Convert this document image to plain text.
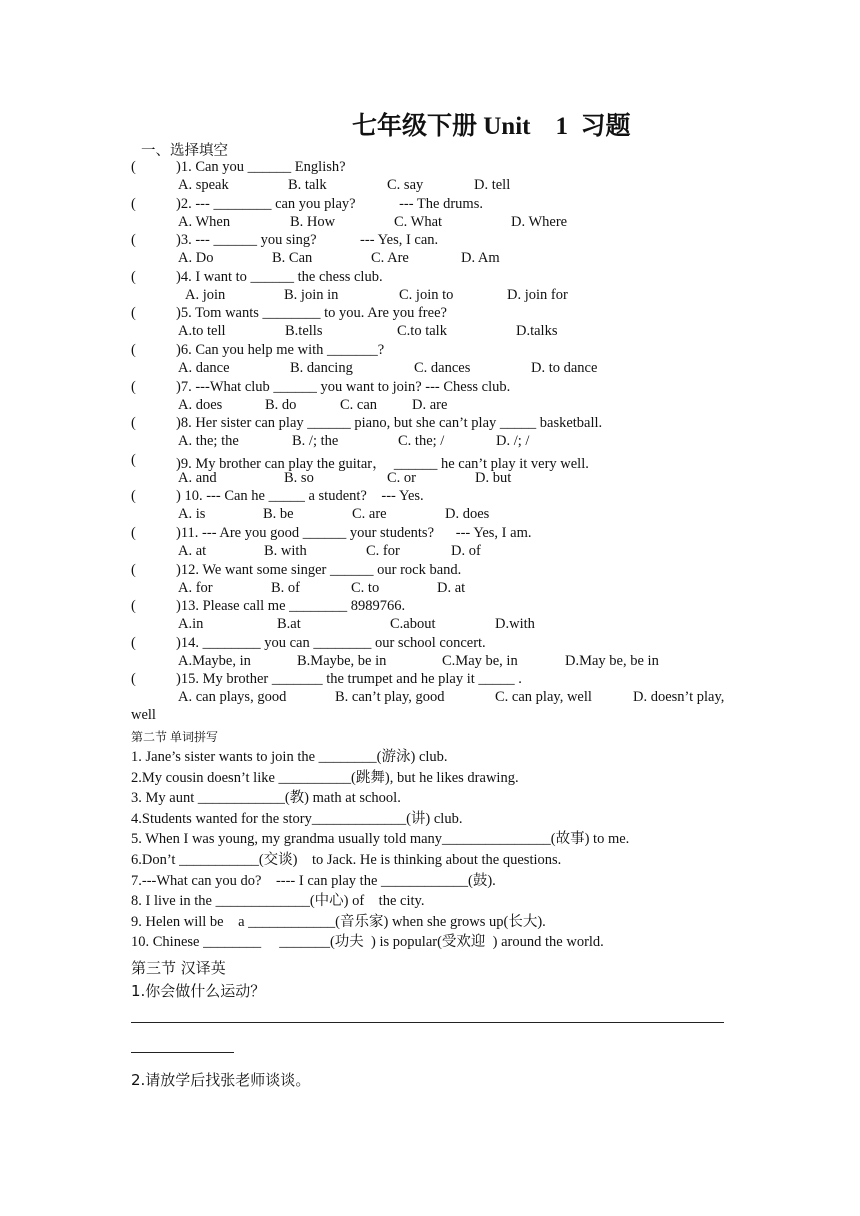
七年级下册 Unit    1  习题
一、选择填空
(	)1. Can you ______ English?
A. speak	B. talk	C. say	D. tell
(	)2. --- ________ can you play?            --- The drums.
A. When	B. How	C. What	D. Where
(	)3. --- ______ you sing?            --- Yes, I can.
A. Do	B. Can	C. Are	D. Am
(	)4. I want to ______ the chess club.
A. join	B. join in	C. join to	D. join for
(	)5. Tom wants ________ to you. Are you free?
A.to tell	B.tells	C.to talk	D.talks
(	)6. Can you help me with _______?
A. dance	B. dancing	C. dances	D. to dance
(	)7. ---What club ______ you want to join? --- Chess club.
A. does	B. do	C. can D. are
(	)8. Her sister can play ______ piano, but she can’t play _____ basketball.
A. the; the	B. /; the	C. the; /	D. /; /
(	)9. My brother can play the guitar，  ______ he can’t play it very well.
A. and	B. so	C. or	D. but
(	) 10. --- Can he _____ a student?    --- Yes.
A. is	B. be	C. are	D. does
(	)11. --- Are you good ______ your students?      --- Yes, I am.
A. at	B. with	C. for	D. of
(	)12. We want some singer ______ our rock band.
A. for	B. of	C. to	D. at
(	)13. Please call me ________ 8989766.
A.in	B.at	C.about	D.with
(	)14. ________ you can ________ our school concert.
A.Maybe, in	B.Maybe, be in	C.May be, in	D.May be, be in
(	)15. My brother _______ the trumpet and he play it _____ .
A. can plays, good	B. can’t play, good	C. can play, well	D. doesn’t play,
well
第二节 单词拼写
1. Jane’s sister wants to join the ________(游泳) club.
2.My cousin doesn’t like __________(跳舞), but he likes drawing.
3. My aunt ____________(教) math at school.
4.Students wanted for the story_____________(讲) club.
5. When I was young, my grandma usually told many_______________(故事) to me.
6.Don’t ___________(交谈)    to Jack. He is thinking about the questions.
7.---What can you do?    ---- I can play the ____________(鼓).
8. I live in the _____________(中心) of    the city.
9. Helen will be    a ____________(音乐家) when she grows up(长大).
10. Chinese ________     _______(功夫  ) is popular(受欢迎  ) around the world.
第三节 汉译英
1.你会做什么运动？
2.请放学后找张老师谈谈。
